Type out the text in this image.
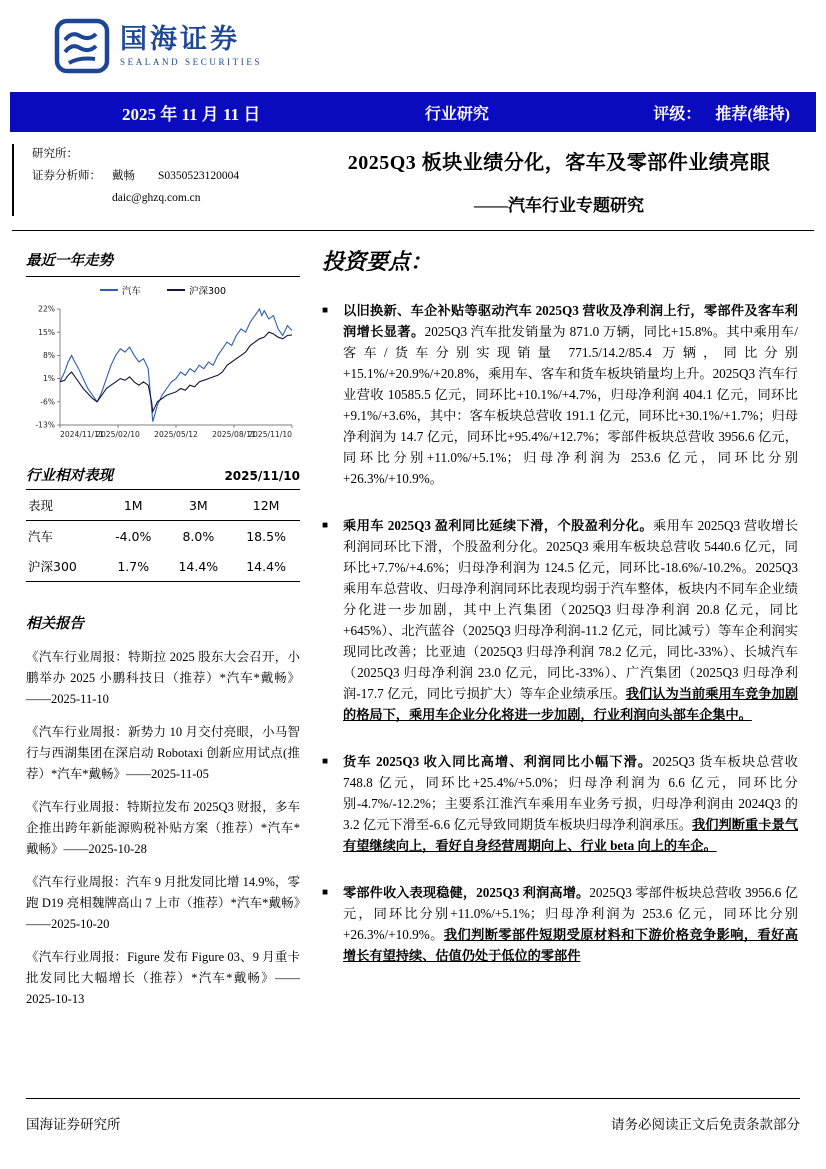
国海证券
SEALAND SECURITIES
2025 年 11 月 11 日	行业研究	评级： 推荐(维持)
研究所：
证券分析师： 戴畅 S0350523120004
daic@ghzq.com.cn
2025Q3 板块业绩分化，客车及零部件业绩亮眼
——汽车行业专题研究
最近一年走势
汽车	沪深300
22%
15%
8%
1%
-6%
-13%
2024/11/11
2025/02/10 2025/05/12 2025/08/11
2025/11/10
行业相对表现	2025/11/10
表现	1M	3M	12M
汽车	-4.0%	8.0%	18.5%
沪深300	1.7%	14.4%	14.4%
相关报告

《汽车行业周报：特斯拉 2025 股东大会召开，小鹏举办 2025 小鹏科技日（推荐）*汽车*戴畅》——2025-11-10

《汽车行业周报：新势力 10 月交付亮眼，小马智行与西湖集团在深启动 Robotaxi 创新应用试点(推荐）*汽车*戴畅》——2025-11-05

《汽车行业周报：特斯拉发布 2025Q3 财报，多车企推出跨年新能源购税补贴方案（推荐）*汽车*戴畅》——2025-10-28

《汽车行业周报：汽车 9 月批发同比增 14.9%，零跑 D19 亮相魏牌高山 7 上市（推荐）*汽车*戴畅》——2025-10-20

《汽车行业周报：Figure 发布 Figure 03、9 月重卡批发同比大幅增长（推荐）*汽车*戴畅》——2025-10-13

投资要点：
■ 以旧换新、车企补贴等驱动汽车 2025Q3 营收及净利润上行，零部件及客车利润增长显著。2025Q3 汽车批发销量为 871.0 万辆，同比+15.8%。其中乘用车/客车/货车分别实现销量 771.5/14.2/85.4 万辆，同比分别+15.1%/+20.9%/+20.8%，乘用车、客车和货车板块销量均上升。2025Q3 汽车行业营收 10585.5 亿元，同环比+10.1%/+4.7%，归母净利润 404.1 亿元，同环比+9.1%/+3.6%，其中：客车板块总营收 191.1 亿元，同环比+30.1%/+1.7%；归母净利润为 14.7 亿元，同环比+95.4%/+12.7%；零部件板块总营收 3956.6 亿元，同环比分别+11.0%/+5.1%；归母净利润为 253.6 亿元，同环比分别+26.3%/+10.9%。
■ 乘用车 2025Q3 盈利同比延续下滑，个股盈利分化。乘用车 2025Q3 营收增长利润同环比下滑，个股盈利分化。2025Q3 乘用车板块总营收 5440.6 亿元，同环比+7.7%/+4.6%；归母净利润为 124.5 亿元，同环比-18.6%/-10.2%。2025Q3 乘用车总营收、归母净利润同环比表现均弱于汽车整体，板块内不同车企业绩分化进一步加剧，其中上汽集团（2025Q3 归母净利润 20.8 亿元，同比+645%）、北汽蓝谷（2025Q3 归母净利润-11.2 亿元，同比减亏）等车企利润实现同比改善；比亚迪（2025Q3 归母净利润 78.2 亿元，同比-33%）、长城汽车（2025Q3 归母净利润 23.0 亿元，同比-33%）、广汽集团（2025Q3 归母净利润-17.7 亿元，同比亏损扩大）等车企业绩承压。我们认为当前乘用车竞争加剧的格局下，乘用车企业分化将进一步加剧，行业利润向头部车企集中。
■ 货车 2025Q3 收入同比高增、利润同比小幅下滑。2025Q3 货车板块总营收 748.8 亿元，同环比+25.4%/+5.0%；归母净利润为 6.6 亿元，同环比分别-4.7%/-12.2%；主要系江淮汽车乘用车业务亏损，归母净利润由 2024Q3 的 3.2 亿元下滑至-6.6 亿元导致同期货车板块归母净利润承压。我们判断重卡景气有望继续向上，看好自身经营周期向上、行业 beta 向上的车企。
■ 零部件收入表现稳健，2025Q3 利润高增。2025Q3 零部件板块总营收 3956.6 亿元，同环比分别+11.0%/+5.1%；归母净利润为 253.6 亿元，同环比分别+26.3%/+10.9%。我们判断零部件短期受原材料和下游价格竞争影响，看好高增长有望持续、估值仍处于低位的零部件
国海证券研究所	请务必阅读正文后免责条款部分
